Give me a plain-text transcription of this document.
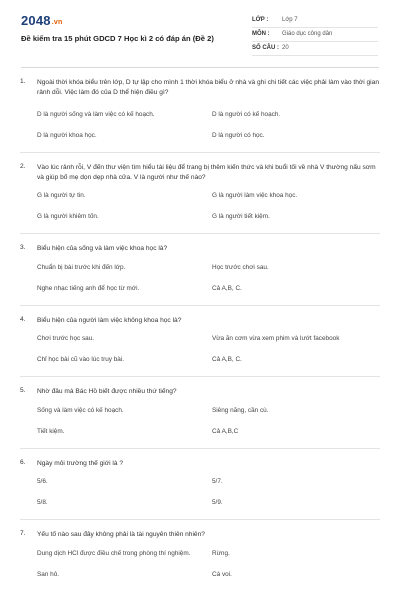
2048.vn
Đề kiểm tra 15 phút GDCD 7 Học kì 2 có đáp án (Đề 2)
LỚP : Lớp 7
MÔN : Giáo dục công dân
SỐ CÂU : 20
1. Ngoài thời khóa biểu trên lớp, D tự lập cho mình 1 thời khóa biểu ở nhà và ghi chi tiết các việc phải làm vào thời gian rảnh dỗi. Việc làm đó của D thể hiện điều gì?

D là người sống và làm việc có kế hoạch.	D là người có kế hoạch.
D là người khoa học.	D là người có học.
2. Vào lúc rảnh rỗi, V đến thư viện tìm hiểu tài liệu để trang bị thêm kiến thức và khi buổi tối về nhà V thường nấu sơm và giúp bố mẹ dọn dẹp nhà cửa. V là người như thế nào?

G là người tự tin.	G là người làm việc khoa học.
G là người khiêm tốn.	G là người tiết kiệm.
3. Biểu hiện của sống và làm việc khoa học là?

Chuẩn bị bài trước khi đến lớp.	Học trước chơi sau.
Nghe nhạc tiếng anh để học từ mới.	Cả A,B, C.
4. Biểu hiện của người làm việc không khoa học là?

Chơi trước học sau.	Vừa ăn cơm vừa xem phim và lướt facebook
Chỉ học bài cũ vào lúc truy bài.	Cả A,B, C.
5. Nhờ đâu mà Bác Hồ biết được nhiều thứ tiếng?

Sống và làm việc có kế hoạch.	Siêng năng, cần cù.
Tiết kiệm.	Cả A,B,C
6. Ngày môi trường thế giới là ?

5/6.	5/7.
5/8.	5/9.
7. Yếu tố nào sau đây không phải là tài nguyên thiên nhiên?

Dung dịch HCl được điều chế trong phòng thí nghiệm.	Rừng.
San hô.	Cá voi.
